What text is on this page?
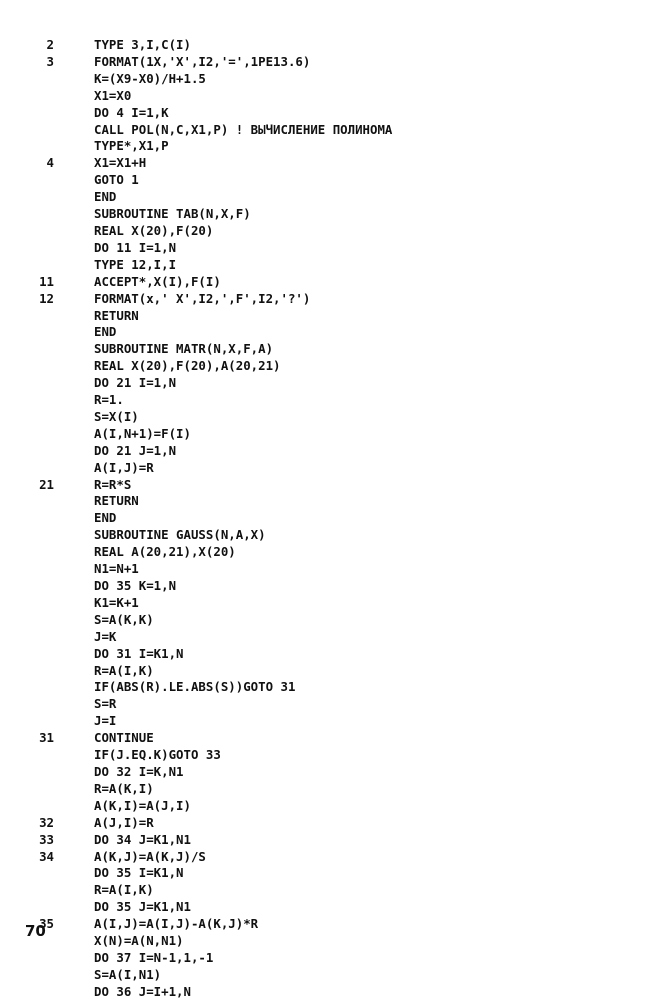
2	TYPE 3,I,C(I)
3	FORMAT(1X,'X',I2,'=',1PE13.6)
K=(X9-X0)/H+1.5
X1=X0
DO 4 I=1,K
CALL POL(N,C,X1,P) ! ВЫЧИСЛЕНИЕ ПОЛИНОМА
TYPE*,X1,P
4	X1=X1+H
GOTO 1
END
SUBROUTINE TAB(N,X,F)
REAL X(20),F(20)
DO 11 I=1,N
TYPE 12,I,I
11	ACCEPT*,X(I),F(I)
12	FORMAT(x,' X',I2,',F',I2,'?')
RETURN
END
SUBROUTINE MATR(N,X,F,A)
REAL X(20),F(20),A(20,21)
DO 21 I=1,N
R=1.
S=X(I)
A(I,N+1)=F(I)
DO 21 J=1,N
A(I,J)=R
21	R=R*S
RETURN
END
SUBROUTINE GAUSS(N,A,X)
REAL A(20,21),X(20)
N1=N+1
DO 35 K=1,N
K1=K+1
S=A(K,K)
J=K
DO 31 I=K1,N
R=A(I,K)
IF(ABS(R).LE.ABS(S))GOTO 31
S=R
J=I
31	CONTINUE
IF(J.EQ.K)GOTO 33
DO 32 I=K,N1
R=A(K,I)
A(K,I)=A(J,I)
32	A(J,I)=R
33	DO 34 J=K1,N1
34	A(K,J)=A(K,J)/S
DO 35 I=K1,N
R=A(I,K)
DO 35 J=K1,N1
35	A(I,J)=A(I,J)-A(K,J)*R
X(N)=A(N,N1)
DO 37 I=N-1,1,-1
S=A(I,N1)
DO 36 J=I+1,N
70
